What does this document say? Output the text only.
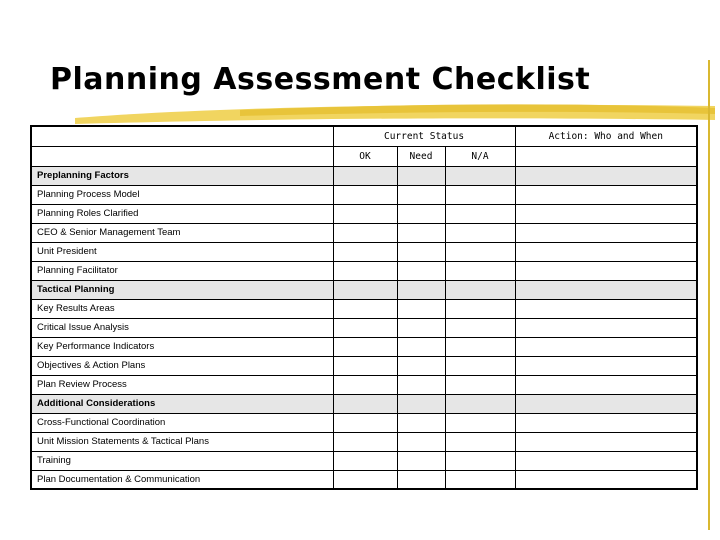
Planning Assessment Checklist
	Current Status			Action: Who and When
	OK	Need	N/A	
Preplanning Factors				
Planning Process Model				
Planning Roles Clarified				
CEO & Senior Management Team				
Unit President				
Planning Facilitator				
Tactical Planning				
Key Results Areas				
Critical Issue Analysis				
Key Performance Indicators				
Objectives & Action Plans				
Plan Review Process				
Additional Considerations				
Cross-Functional Coordination				
Unit Mission Statements & Tactical Plans				
Training				
Plan Documentation & Communication				
